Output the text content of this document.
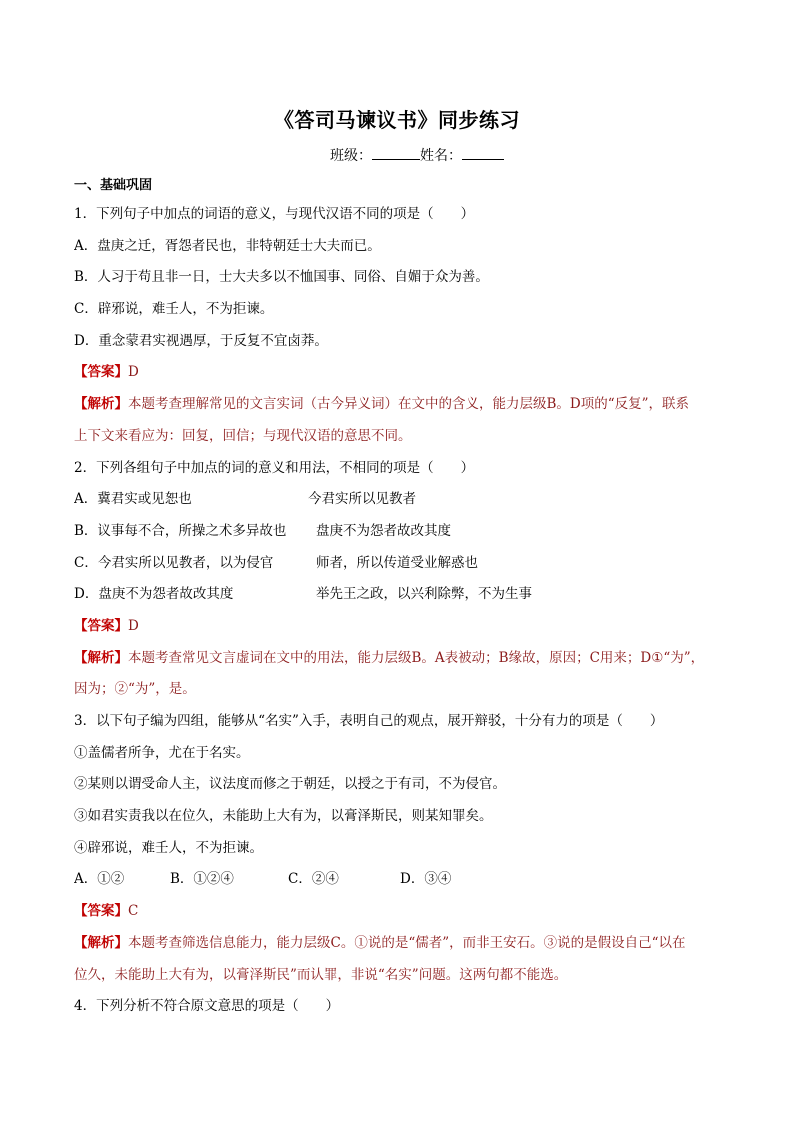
《答司马谏议书》同步练习
班级：	姓名：
一、基础巩固
1．下列句子中加点的词语的意义，与现代汉语不同的项是（　　）
A．盘庚之迁，胥怨者民也，非特朝廷士大夫而已。
B．人习于苟且非一日，士大夫多以不恤国事、同俗、自媚于众为善。
C．辟邪说，难壬人，不为拒谏。
D．重念蒙君实视遇厚，于反复不宜卤莽。
【答案】D
【解析】本题考查理解常见的文言实词（古今异义词）在文中的含义，能力层级B。D项的“反复”，联系
上下文来看应为：回复，回信；与现代汉语的意思不同。
2．下列各组句子中加点的词的意义和用法，不相同的项是（　　）
A．冀君实或见恕也	今君实所以见教者
B．议事每不合，所操之术多异故也 盘庚不为怨者故改其度
C．今君实所以见教者，以为侵官	师者，所以传道受业解惑也
D．盘庚不为怨者故改其度	举先王之政，以兴利除弊，不为生事
【答案】D
【解析】本题考查常见文言虚词在文中的用法，能力层级B。A表被动；B缘故，原因；C用来；D①“为”，
因为；②“为”，是。
3．以下句子编为四组，能够从“名实”入手，表明自己的观点，展开辩驳，十分有力的项是（　　）
①盖儒者所争，尤在于名实。
②某则以谓受命人主，议法度而修之于朝廷，以授之于有司，不为侵官。
③如君实责我以在位久，未能助上大有为，以膏泽斯民，则某知罪矣。
④辟邪说，难壬人，不为拒谏。
A．①②	B．①②④	C．②④	D．③④
【答案】C
【解析】本题考查筛选信息能力，能力层级C。①说的是“儒者”，而非王安石。③说的是假设自己“以在
位久，未能助上大有为，以膏泽斯民”而认罪，非说“名实”问题。这两句都不能选。
4．下列分析不符合原文意思的项是（　　）
